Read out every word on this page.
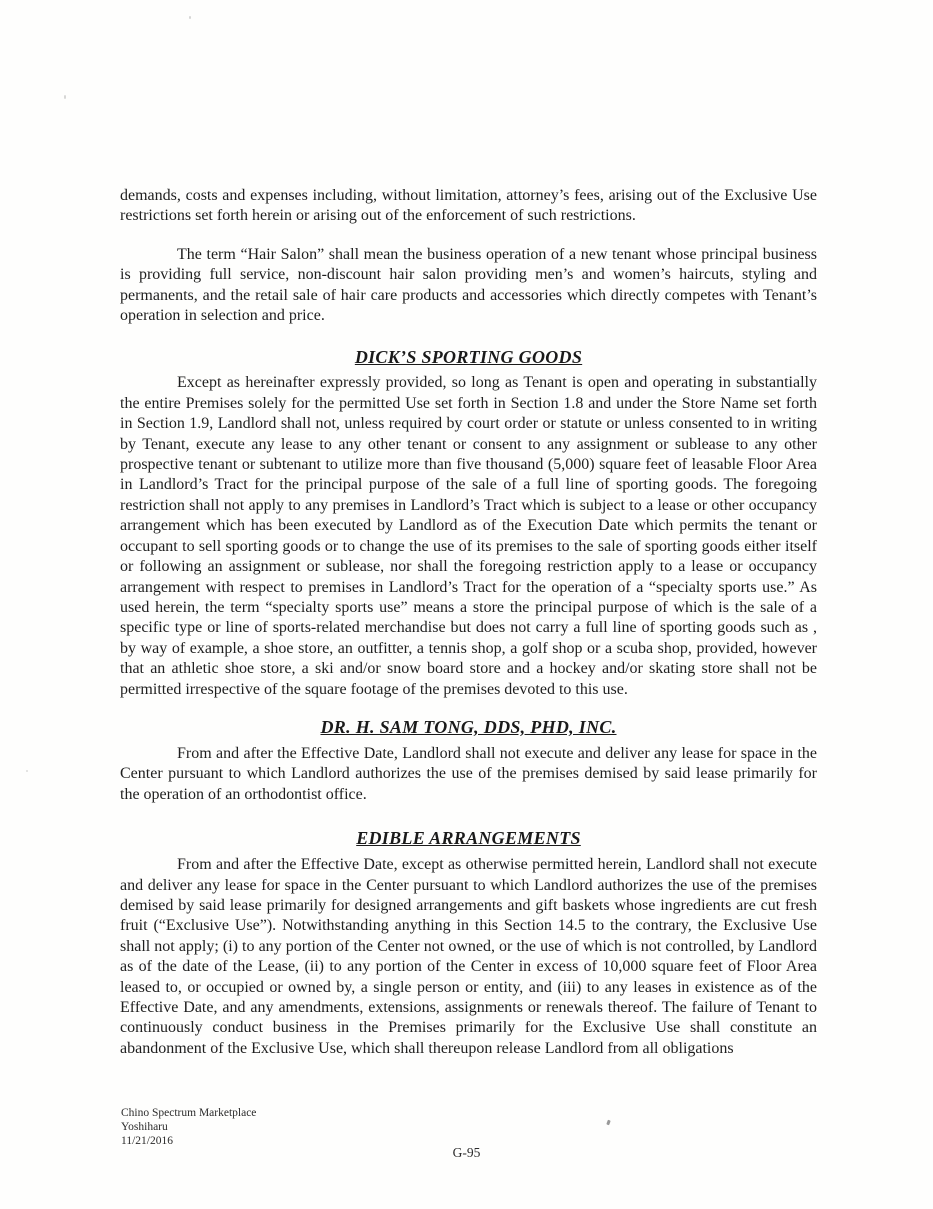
demands, costs and expenses including, without limitation, attorney’s fees, arising out of the Exclusive Use restrictions set forth herein or arising out of the enforcement of such restrictions.

The term “Hair Salon” shall mean the business operation of a new tenant whose principal business is providing full service, non-discount hair salon providing men’s and women’s haircuts, styling and permanents, and the retail sale of hair care products and accessories which directly competes with Tenant’s operation in selection and price.

DICK’S SPORTING GOODS

Except as hereinafter expressly provided, so long as Tenant is open and operating in substantially the entire Premises solely for the permitted Use set forth in Section 1.8 and under the Store Name set forth in Section 1.9, Landlord shall not, unless required by court order or statute or unless consented to in writing by Tenant, execute any lease to any other tenant or consent to any assignment or sublease to any other prospective tenant or subtenant to utilize more than five thousand (5,000) square feet of leasable Floor Area in Landlord’s Tract for the principal purpose of the sale of a full line of sporting goods. The foregoing restriction shall not apply to any premises in Landlord’s Tract which is subject to a lease or other occupancy arrangement which has been executed by Landlord as of the Execution Date which permits the tenant or occupant to sell sporting goods or to change the use of its premises to the sale of sporting goods either itself or following an assignment or sublease, nor shall the foregoing restriction apply to a lease or occupancy arrangement with respect to premises in Landlord’s Tract for the operation of a “specialty sports use.” As used herein, the term “specialty sports use” means a store the principal purpose of which is the sale of a specific type or line of sports-related merchandise but does not carry a full line of sporting goods such as , by way of example, a shoe store, an outfitter, a tennis shop, a golf shop or a scuba shop, provided, however that an athletic shoe store, a ski and/or snow board store and a hockey and/or skating store shall not be permitted irrespective of the square footage of the premises devoted to this use.

DR. H. SAM TONG, DDS, PHD, INC.

From and after the Effective Date, Landlord shall not execute and deliver any lease for space in the Center pursuant to which Landlord authorizes the use of the premises demised by said lease primarily for the operation of an orthodontist office.

EDIBLE ARRANGEMENTS

From and after the Effective Date, except as otherwise permitted herein, Landlord shall not execute and deliver any lease for space in the Center pursuant to which Landlord authorizes the use of the premises demised by said lease primarily for designed arrangements and gift baskets whose ingredients are cut fresh fruit (“Exclusive Use”). Notwithstanding anything in this Section 14.5 to the contrary, the Exclusive Use shall not apply; (i) to any portion of the Center not owned, or the use of which is not controlled, by Landlord as of the date of the Lease, (ii) to any portion of the Center in excess of 10,000 square feet of Floor Area leased to, or occupied or owned by, a single person or entity, and (iii) to any leases in existence as of the Effective Date, and any amendments, extensions, assignments or renewals thereof. The failure of Tenant to continuously conduct business in the Premises primarily for the Exclusive Use shall constitute an abandonment of the Exclusive Use, which shall thereupon release Landlord from all obligations

Chino Spectrum Marketplace
Yoshiharu
11/21/2016
G-95
